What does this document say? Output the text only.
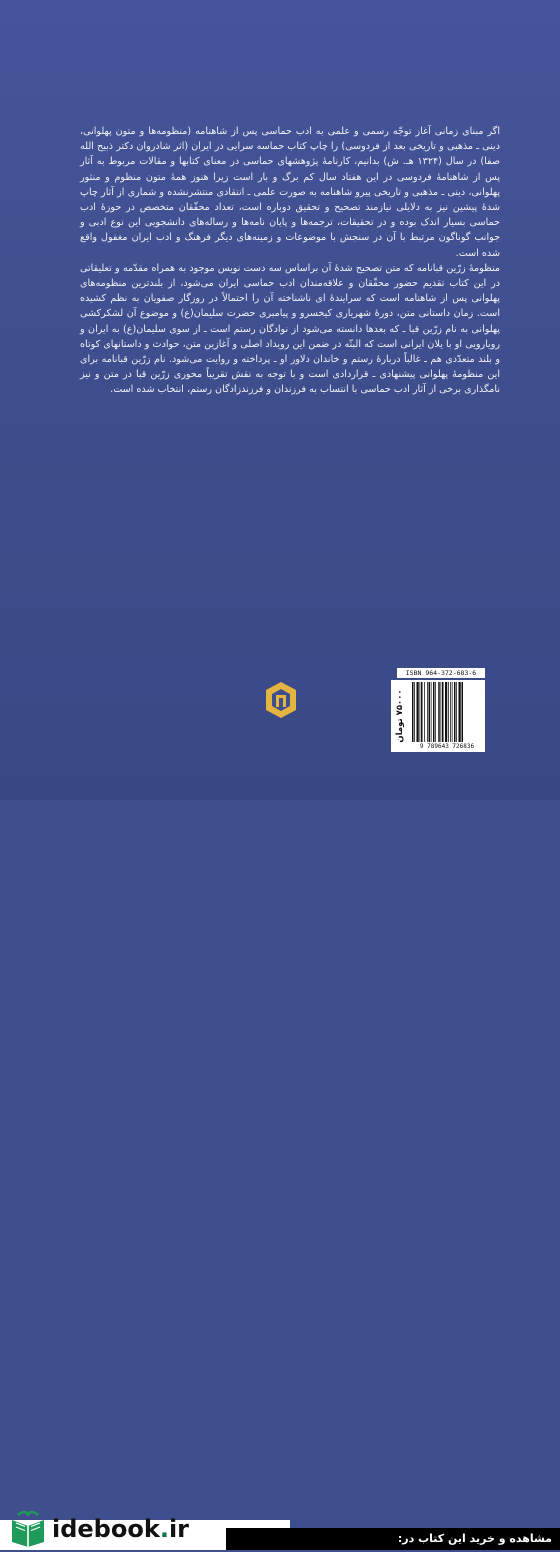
اگر مبنای زمانی آغاز توجّه رسمی و علمی به ادب حماسی پس از شاهنامه (منظومه‌ها و متون پهلوانی، دینی ـ مذهبی و تاریخی بعد از فردوسی) را چاپ کتاب حماسه سرایی در ایران (اثر شادروان دکتر ذبیح الله صفا) در سال (۱۳۲۴ هـ. ش) بدانیم، کارنامهٔ پژوهشهای حماسی در معنای کتابها و مقالات مربوط به آثار پس از شاهنامهٔ فردوسی در این هفتاد سال کم برگ و بار است زیرا هنوز همهٔ متون منظوم و منثور پهلوانی، دینی ـ مذهبی و تاریخی پیرو شاهنامه به صورت علمی ـ انتقادی منتشرنشده و شماری از آثار چاپ شدهٔ پیشین نیز به دلایلی نیازمند تصحیح و تحقیق دوباره است، تعداد محقّقان متخصص در حوزهٔ ادب حماسی بسیار اندک بوده و در تحقیقات، ترجمه‌ها و پایان نامه‌ها و رساله‌های دانشجویی این نوع ادبی و جوانب گوناگون مرتبط با آن در سنجش با موضوعات و زمینه‌های دیگر فرهنگ و ادب ایران مغفول واقع شده است.

منظومهٔ زرّین قبانامه که متن تصحیح شدهٔ آن براساس سه دست نویس موجود به همراه مقدّمه و تعلیقاتی در این کتاب تقدیم حضور محقّقان و علاقه‌مندان ادب حماسی ایران می‌شود، از بلندترین منظومه‌های پهلوانی پس از شاهنامه است که سرایندهٔ ای ناشناخته آن را احتمالاً در روزگار صفویان به نظم کشیده است. زمان داستانی متن، دورهٔ شهریاری کیخسرو و پیامبری حضرت سلیمان(ع) و موضوع آن لشکرکشی پهلوانی به نام زرّین قبا ـ که بعدها دانسته می‌شود از نوادگان رستم است ـ از سوی سلیمان(ع) به ایران و رویارویی او با یلان ایرانی است که البتّه در ضمن این رویداد اصلی و آغازین متن، حوادث و داستانهای کوتاه و بلند متعدّدی هم ـ غالباً دربارهٔ رستم و خاندان دلاور او ـ پرداخته و روایت می‌شود. نام زرّین قبانامه برای این منظومهٔ پهلوانی پیشنهادی ـ قراردادی است و با توجه به نقش تقریباً محوری زرّین قبا در متن و نیز نامگذاری برخی از آثار ادب حماسی با انتساب به فرزندان و فرزندزادگان رستم، انتخاب شده است.

ISBN 964-372-683-6
۷۵۰۰۰ تومان
9 789643 726836
idebook.ir	مشاهده و خرید این کتاب در:
